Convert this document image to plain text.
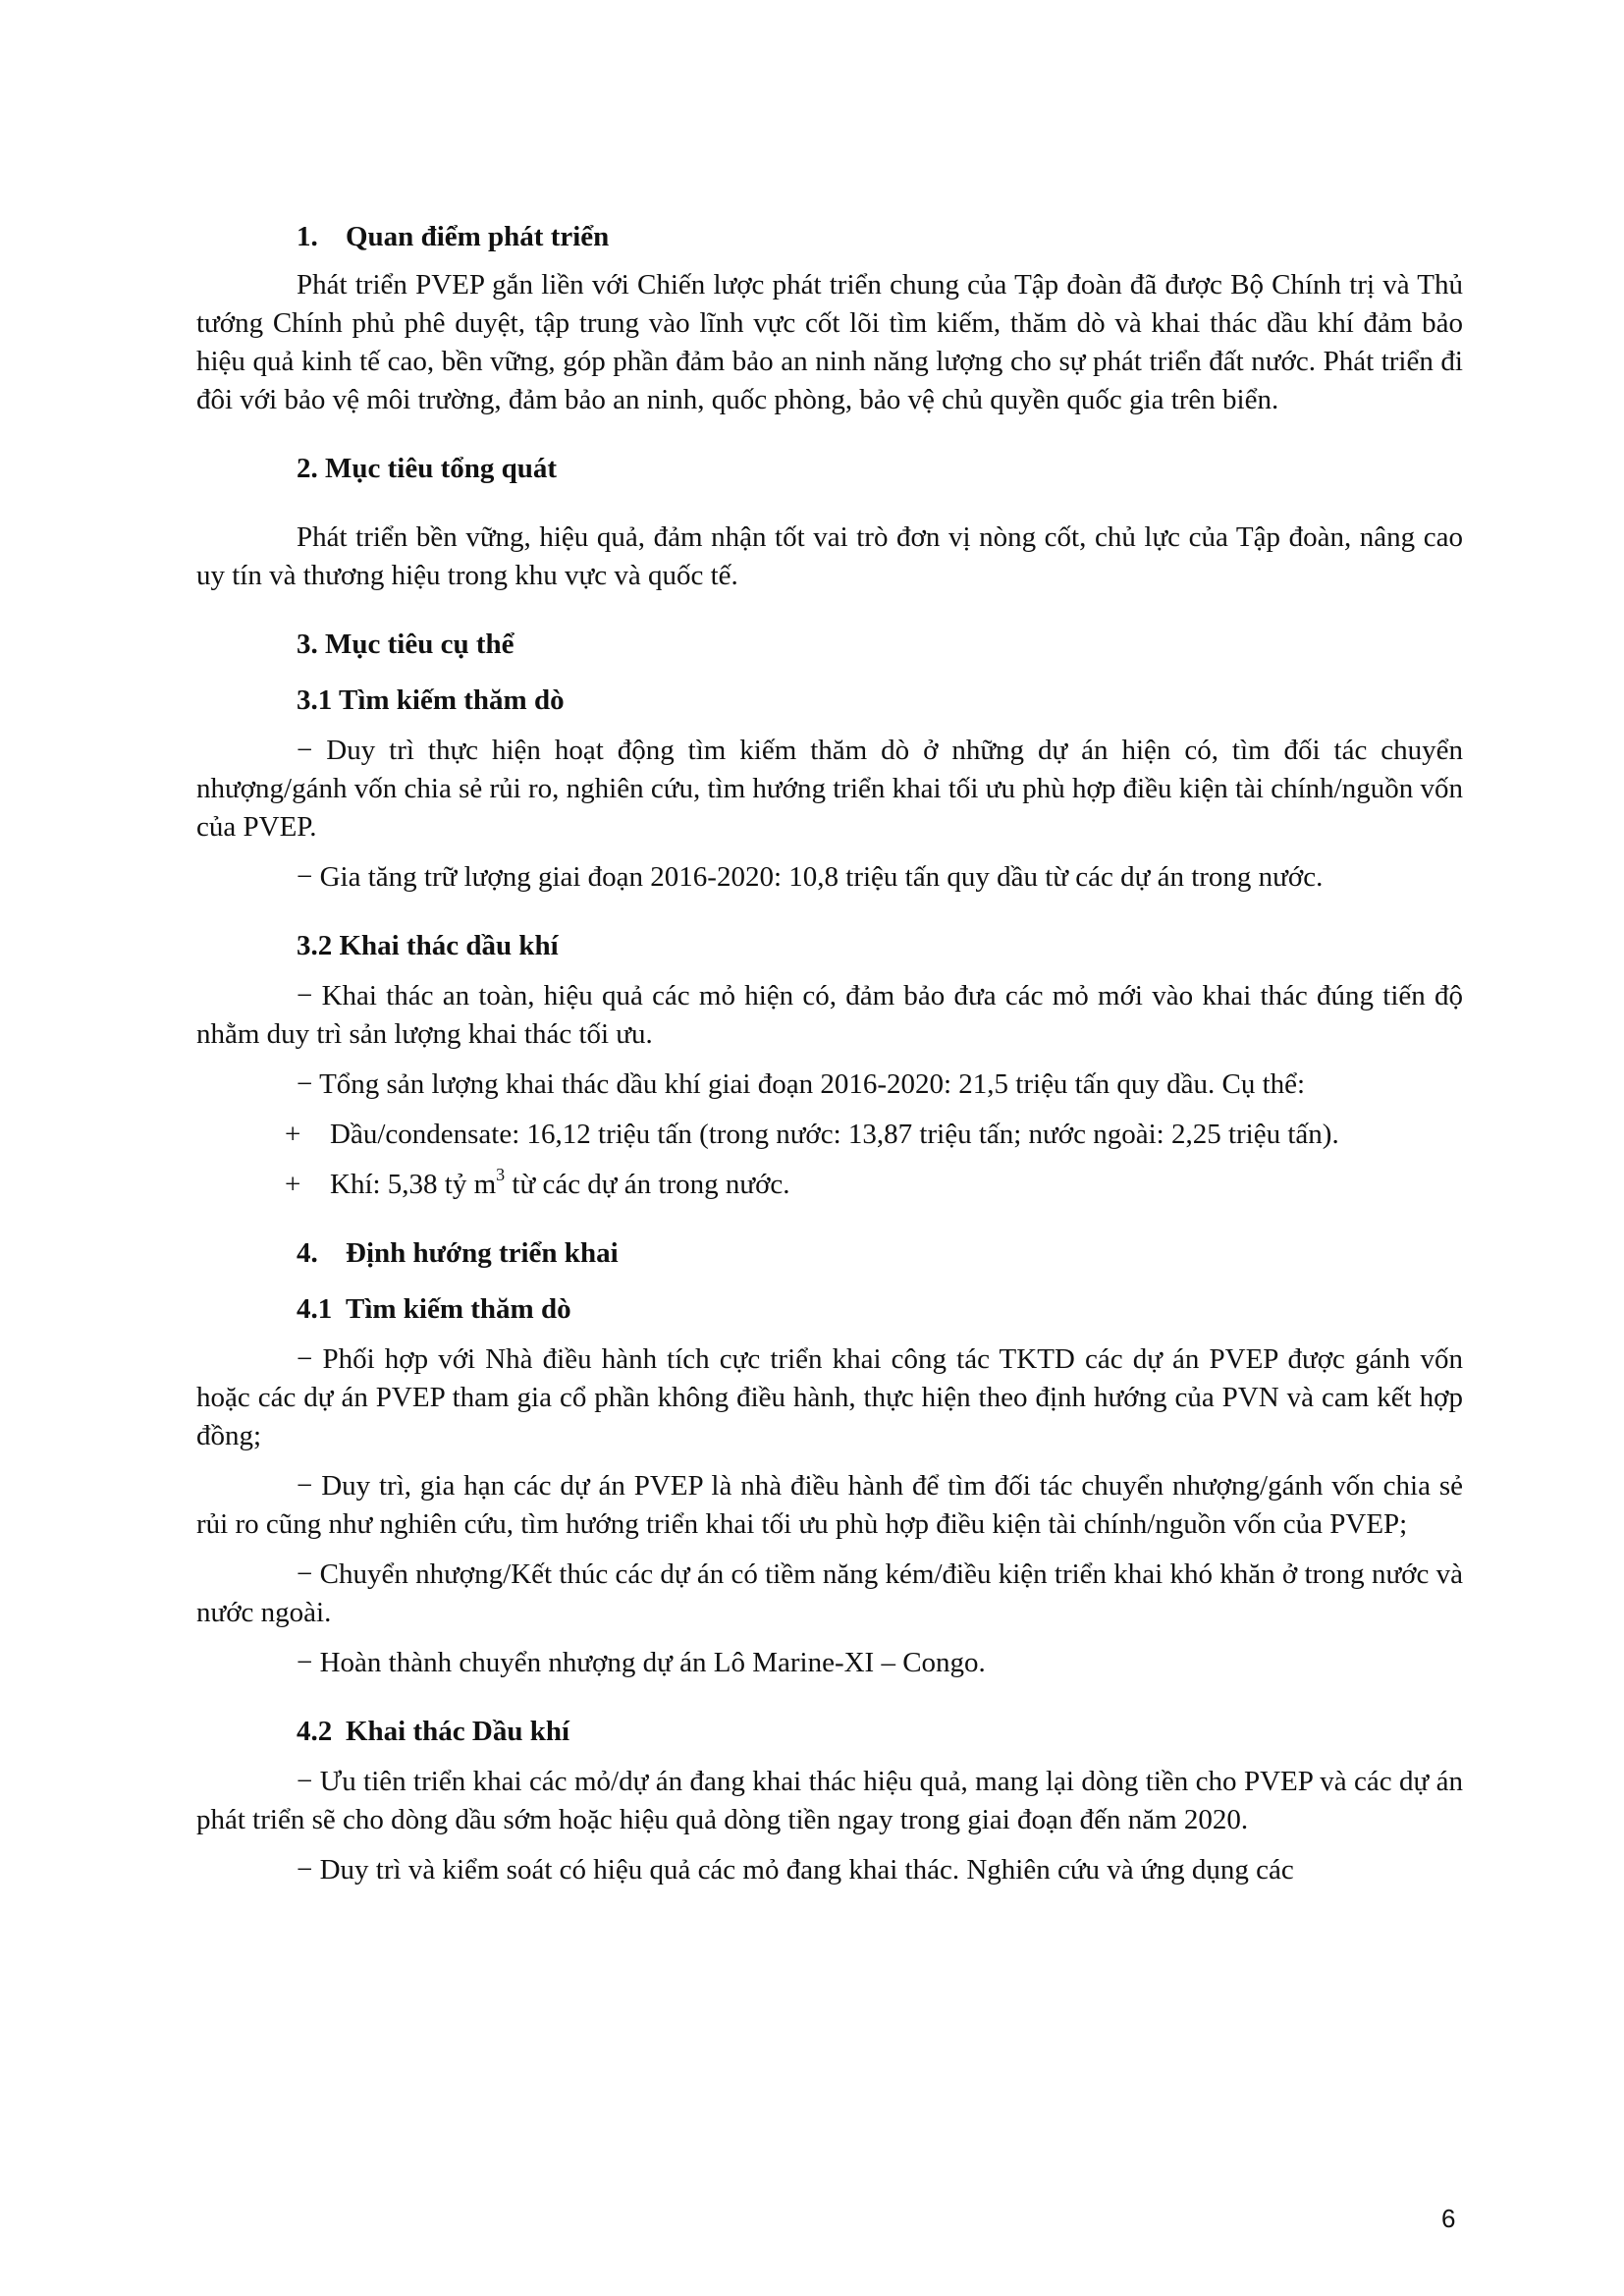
1. Quan điểm phát triển

Phát triển PVEP gắn liền với Chiến lược phát triển chung của Tập đoàn đã được Bộ Chính trị và Thủ tướng Chính phủ phê duyệt, tập trung vào lĩnh vực cốt lõi tìm kiếm, thăm dò và khai thác dầu khí đảm bảo hiệu quả kinh tế cao, bền vững, góp phần đảm bảo an ninh năng lượng cho sự phát triển đất nước. Phát triển đi đôi với bảo vệ môi trường, đảm bảo an ninh, quốc phòng, bảo vệ chủ quyền quốc gia trên biển.

2. Mục tiêu tổng quát

Phát triển bền vững, hiệu quả, đảm nhận tốt vai trò đơn vị nòng cốt, chủ lực của Tập đoàn, nâng cao uy tín và thương hiệu trong khu vực và quốc tế.

3. Mục tiêu cụ thể
3.1 Tìm kiếm thăm dò

− Duy trì thực hiện hoạt động tìm kiếm thăm dò ở những dự án hiện có, tìm đối tác chuyển nhượng/gánh vốn chia sẻ rủi ro, nghiên cứu, tìm hướng triển khai tối ưu phù hợp điều kiện tài chính/nguồn vốn của PVEP.

− Gia tăng trữ lượng giai đoạn 2016-2020: 10,8 triệu tấn quy dầu từ các dự án trong nước.

3.2 Khai thác dầu khí

− Khai thác an toàn, hiệu quả các mỏ hiện có, đảm bảo đưa các mỏ mới vào khai thác đúng tiến độ nhằm duy trì sản lượng khai thác tối ưu.

− Tổng sản lượng khai thác dầu khí giai đoạn 2016-2020: 21,5 triệu tấn quy dầu. Cụ thể:

+ Dầu/condensate: 16,12 triệu tấn (trong nước: 13,87 triệu tấn; nước ngoài: 2,25 triệu tấn).

+ Khí: 5,38 tỷ $m^3$ từ các dự án trong nước.

4. Định hướng triển khai
4.1 Tìm kiếm thăm dò

− Phối hợp với Nhà điều hành tích cực triển khai công tác TKTD các dự án PVEP được gánh vốn hoặc các dự án PVEP tham gia cổ phần không điều hành, thực hiện theo định hướng của PVN và cam kết hợp đồng;

− Duy trì, gia hạn các dự án PVEP là nhà điều hành để tìm đối tác chuyển nhượng/gánh vốn chia sẻ rủi ro cũng như nghiên cứu, tìm hướng triển khai tối ưu phù hợp điều kiện tài chính/nguồn vốn của PVEP;

− Chuyển nhượng/Kết thúc các dự án có tiềm năng kém/điều kiện triển khai khó khăn ở trong nước và nước ngoài.

− Hoàn thành chuyển nhượng dự án Lô Marine-XI – Congo.

4.2 Khai thác Dầu khí

− Ưu tiên triển khai các mỏ/dự án đang khai thác hiệu quả, mang lại dòng tiền cho PVEP và các dự án phát triển sẽ cho dòng dầu sớm hoặc hiệu quả dòng tiền ngay trong giai đoạn đến năm 2020.

− Duy trì và kiểm soát có hiệu quả các mỏ đang khai thác. Nghiên cứu và ứng dụng các

6
